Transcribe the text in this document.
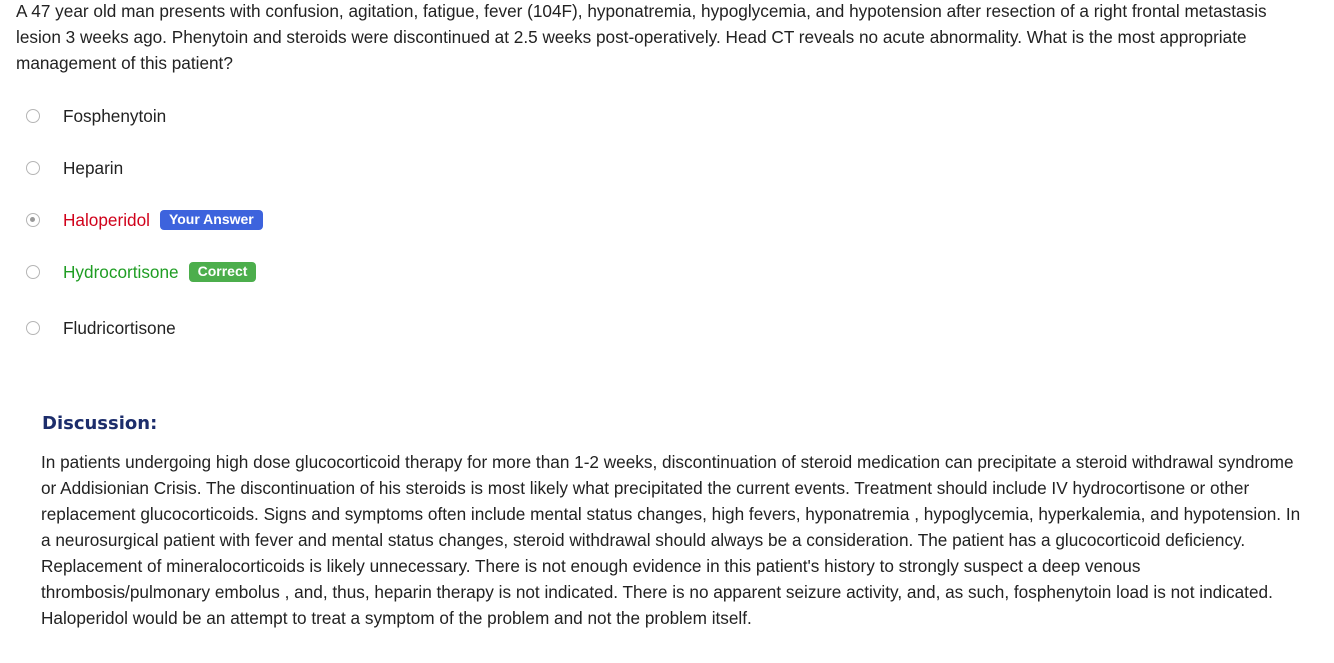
A 47 year old man presents with confusion, agitation, fatigue, fever (104F), hyponatremia, hypoglycemia, and hypotension after resection of a right frontal metastasis lesion 3 weeks ago. Phenytoin and steroids were discontinued at 2.5 weeks post-operatively. Head CT reveals no acute abnormality. What is the most appropriate management of this patient?
Fosphenytoin
Heparin
Haloperidol	Your Answer
Hydrocortisone	Correct
Fludricortisone
Discussion:
In patients undergoing high dose glucocorticoid therapy for more than 1-2 weeks, discontinuation of steroid medication can precipitate a steroid withdrawal syndrome or Addisionian Crisis. The discontinuation of his steroids is most likely what precipitated the current events. Treatment should include IV hydrocortisone or other replacement glucocorticoids. Signs and symptoms often include mental status changes, high fevers, hyponatremia , hypoglycemia, hyperkalemia, and hypotension. In a neurosurgical patient with fever and mental status changes, steroid withdrawal should always be a consideration. The patient has a glucocorticoid deficiency. Replacement of mineralocorticoids is likely unnecessary. There is not enough evidence in this patient's history to strongly suspect a deep venous thrombosis/pulmonary embolus , and, thus, heparin therapy is not indicated. There is no apparent seizure activity, and, as such, fosphenytoin load is not indicated. Haloperidol would be an attempt to treat a symptom of the problem and not the problem itself.
